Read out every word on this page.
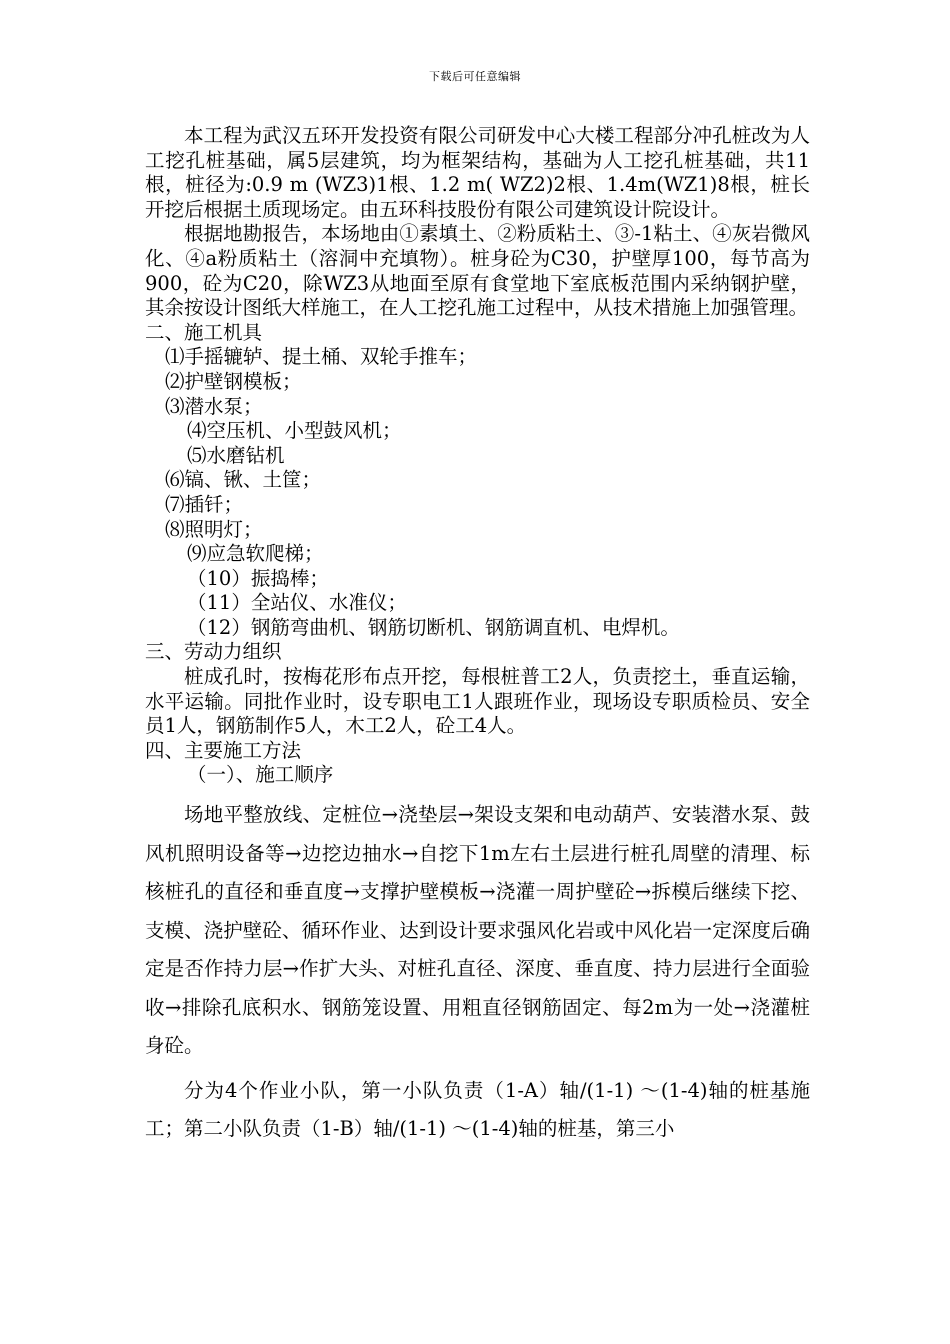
下载后可任意编辑

本工程为武汉五环开发投资有限公司研发中心大楼工程部分冲孔桩改为人工挖孔桩基础，属5层建筑，均为框架结构，基础为人工挖孔桩基础，共11根，桩径为:0.9 m (WZ3)1根、1.2 m( WZ2)2根、1.4m(WZ1)8根，桩长开挖后根据土质现场定。由五环科技股份有限公司建筑设计院设计。

根据地勘报告，本场地由①素填土、②粉质粘土、③-1粘土、④灰岩微风化、④a粉质粘土（溶洞中充填物）。桩身砼为C30，护壁厚100，每节高为900，砼为C20，除WZ3从地面至原有食堂地下室底板范围内采纳钢护壁，其余按设计图纸大样施工，在人工挖孔施工过程中，从技术措施上加强管理。

二、施工机具

⑴手摇辘轳、提土桶、双轮手推车；

⑵护壁钢模板；

⑶潜水泵；

⑷空压机、小型鼓风机；

⑸水磨钻机

⑹镐、锹、土筐；

⑺插钎；

⑻照明灯；

⑼应急软爬梯；

（10）振捣棒；

（11）全站仪、水准仪；

（12）钢筋弯曲机、钢筋切断机、钢筋调直机、电焊机。

三、劳动力组织

桩成孔时，按梅花形布点开挖，每根桩普工2人，负责挖土，垂直运输，水平运输。同批作业时，设专职电工1人跟班作业，现场设专职质检员、安全员1人，钢筋制作5人，木工2人，砼工4人。

四、主要施工方法

（一）、施工顺序

场地平整放线、定桩位→浇垫层→架设支架和电动葫芦、安装潜水泵、鼓风机照明设备等→边挖边抽水→自挖下1m左右土层进行桩孔周壁的清理、标核桩孔的直径和垂直度→支撑护壁模板→浇灌一周护壁砼→拆模后继续下挖、支模、浇护壁砼、循环作业、达到设计要求强风化岩或中风化岩一定深度后确定是否作持力层→作扩大头、对桩孔直径、深度、垂直度、持力层进行全面验收→排除孔底积水、钢筋笼设置、用粗直径钢筋固定、每2m为一处→浇灌桩身砼。

分为4个作业小队，第一小队负责（1-A）轴/(1-1) ～(1-4)轴的桩基施工；第二小队负责（1-B）轴/(1-1) ～(1-4)轴的桩基，第三小
